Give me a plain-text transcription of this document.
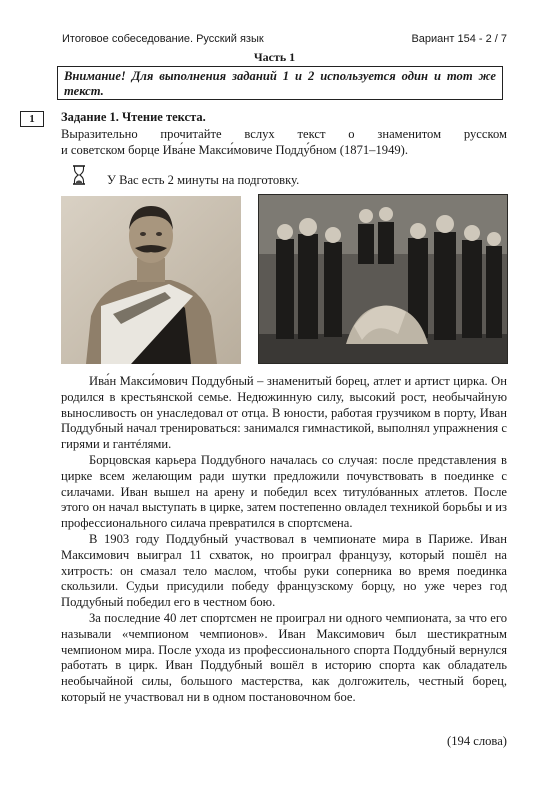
Итоговое собеседование. Русский язык	Вариант 154 - 2 / 7
Часть 1
Внимание! Для выполнения заданий 1 и 2 используется один и тот же текст.
1	Задание 1. Чтение текста.

Выразительно прочитайте вслух текст о знаменитом русском

и советском борце Ива́не Макси́мовиче Подду́бном (1871–1949).

У Вас есть 2 минуты на подготовку.

Ива́н Макси́мович Поддубный – знаменитый борец, атлет и артист цирка. Он родился в крестьянской семье. Недюжинную силу, высокий рост, необычайную выносливость он унаследовал от отца. В юности, работая грузчиком в порту, Иван Поддубный начал тренироваться: занимался гимнастикой, выполнял упражнения с гирями и гантéлями.

Борцовская карьера Поддубного началась со случая: после представления в цирке всем желающим ради шутки предложили почувствовать в поединке с силачами. Иван вышел на арену и победил всех титулóванных атлетов. После этого он начал выступать в цирке, затем постепенно овладел техникой борьбы и из профессионального силача превратился в спортсмена.

В 1903 году Поддубный участвовал в чемпионате мира в Париже. Иван Максимович выиграл 11 схваток, но проиграл французу, который пошёл на хитрость: он смазал тело маслом, чтобы руки соперника во время поединка скользили. Судьи присудили победу французскому борцу, но уже через год Поддубный победил его в честном бою.

За последние 40 лет спортсмен не проиграл ни одного чемпионата, за что его называли «чемпионом чемпионов». Иван Максимович был шестикратным чемпионом мира. После ухода из профессионального спорта Поддубный вернулся работать в цирк. Иван Поддубный вошёл в историю спорта как обладатель необычайной силы, большого мастерства, как долгожитель, честный борец, который не участвовал ни в одном постановочном бое.

(194 слова)
